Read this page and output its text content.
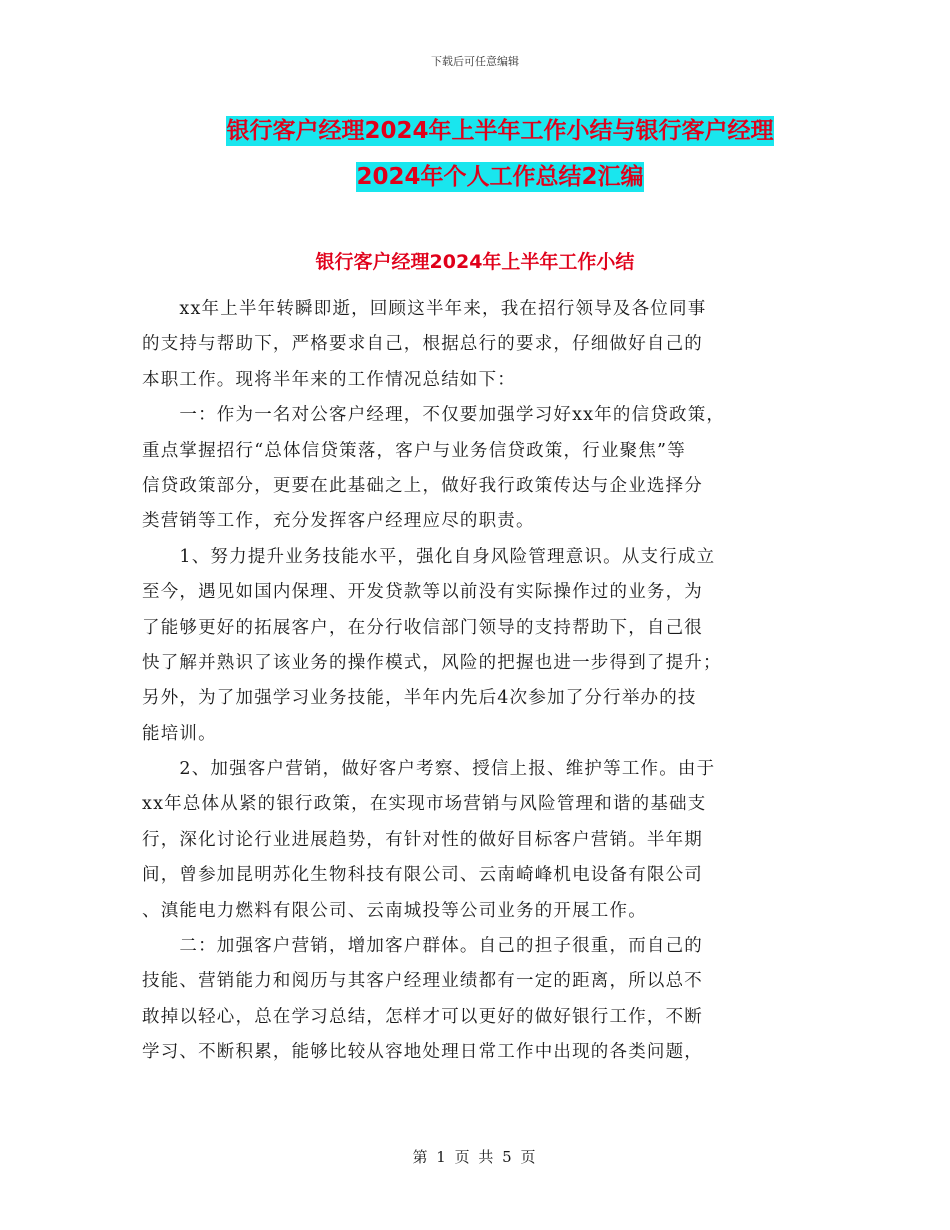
下载后可任意编辑
银行客户经理2024年上半年工作小结与银行客户经理
2024年个人工作总结2汇编
银行客户经理2024年上半年工作小结
　　xx年上半年转瞬即逝，回顾这半年来，我在招行领导及各位同事
的支持与帮助下，严格要求自己，根据总行的要求，仔细做好自己的
本职工作。现将半年来的工作情况总结如下：
　　一：作为一名对公客户经理，不仅要加强学习好xx年的信贷政策，
重点掌握招行“总体信贷策落，客户与业务信贷政策，行业聚焦”等
信贷政策部分，更要在此基础之上，做好我行政策传达与企业选择分
类营销等工作，充分发挥客户经理应尽的职责。
　　1、努力提升业务技能水平，强化自身风险管理意识。从支行成立
至今，遇见如国内保理、开发贷款等以前没有实际操作过的业务，为
了能够更好的拓展客户，在分行收信部门领导的支持帮助下，自己很
快了解并熟识了该业务的操作模式，风险的把握也进一步得到了提升；
另外，为了加强学习业务技能，半年内先后4次参加了分行举办的技
能培训。
　　2、加强客户营销，做好客户考察、授信上报、维护等工作。由于
xx年总体从紧的银行政策，在实现市场营销与风险管理和谐的基础支
行，深化讨论行业进展趋势，有针对性的做好目标客户营销。半年期
间，曾参加昆明苏化生物科技有限公司、云南崎峰机电设备有限公司
、滇能电力燃料有限公司、云南城投等公司业务的开展工作。
　　二：加强客户营销，增加客户群体。自己的担子很重，而自己的
技能、营销能力和阅历与其客户经理业绩都有一定的距离，所以总不
敢掉以轻心，总在学习总结，怎样才可以更好的做好银行工作，不断
学习、不断积累，能够比较从容地处理日常工作中出现的各类问题，
第 1 页 共 5 页
